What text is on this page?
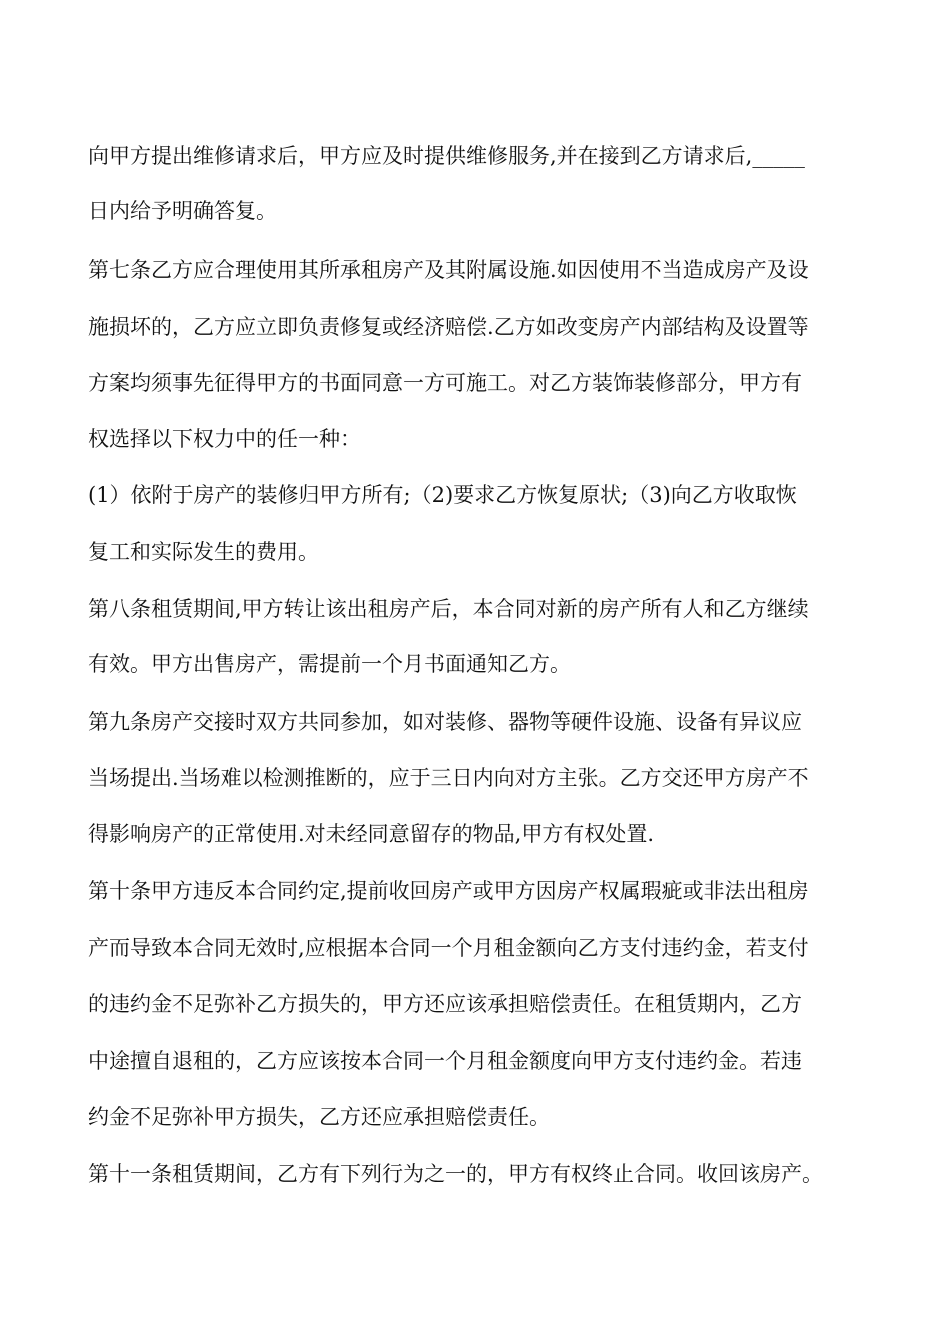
向甲方提出维修请求后，甲方应及时提供维修服务,并在接到乙方请求后,_____
日内给予明确答复。
第七条乙方应合理使用其所承租房产及其附属设施.如因使用不当造成房产及设
施损坏的，乙方应立即负责修复或经济赔偿.乙方如改变房产内部结构及设置等
方案均须事先征得甲方的书面同意一方可施工。对乙方装饰装修部分，甲方有
权选择以下权力中的任一种：
(1）依附于房产的装修归甲方所有;（2)要求乙方恢复原状;（3)向乙方收取恢
复工和实际发生的费用。
第八条租赁期间,甲方转让该出租房产后，本合同对新的房产所有人和乙方继续
有效。甲方出售房产，需提前一个月书面通知乙方。
第九条房产交接时双方共同参加，如对装修、器物等硬件设施、设备有异议应
当场提出.当场难以检测推断的，应于三日内向对方主张。乙方交还甲方房产不
得影响房产的正常使用.对未经同意留存的物品,甲方有权处置.
第十条甲方违反本合同约定,提前收回房产或甲方因房产权属瑕疵或非法出租房
产而导致本合同无效时,应根据本合同一个月租金额向乙方支付违约金，若支付
的违约金不足弥补乙方损失的，甲方还应该承担赔偿责任。在租赁期内，乙方
中途擅自退租的，乙方应该按本合同一个月租金额度向甲方支付违约金。若违
约金不足弥补甲方损失，乙方还应承担赔偿责任。
第十一条租赁期间，乙方有下列行为之一的，甲方有权终止合同。收回该房产。
